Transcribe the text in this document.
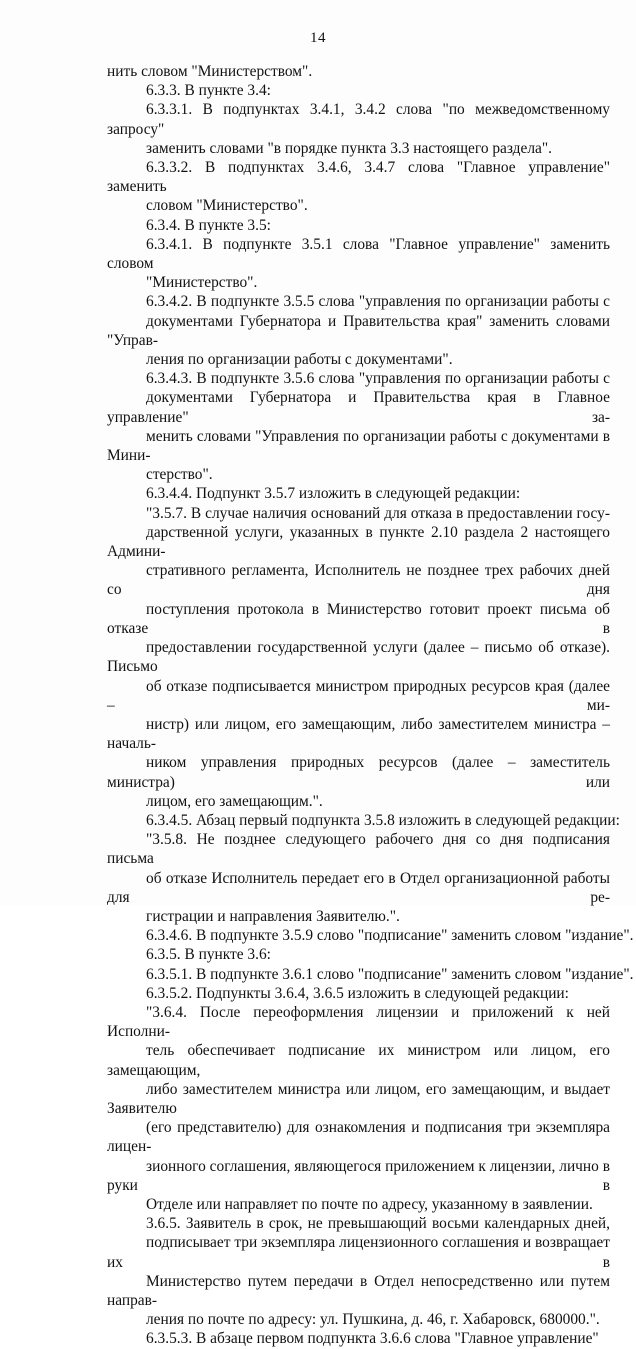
14
нить словом "Министерством".
6.3.3. В пункте 3.4:
6.3.3.1. В подпунктах 3.4.1, 3.4.2 слова "по межведомственному запросу"
заменить словами "в порядке пункта 3.3 настоящего раздела".
6.3.3.2. В подпунктах 3.4.6, 3.4.7 слова "Главное управление" заменить
словом "Министерство".
6.3.4. В пункте 3.5:
6.3.4.1. В подпункте 3.5.1 слова "Главное управление" заменить словом
"Министерство".
6.3.4.2. В подпункте 3.5.5 слова "управления по организации работы с
документами Губернатора и Правительства края" заменить словами "Управ-
ления по организации работы с документами".
6.3.4.3. В подпункте 3.5.6 слова "управления по организации работы с
документами Губернатора и Правительства края в Главное управление" за-
менить словами "Управления по организации работы с документами в Мини-
стерство".
6.3.4.4. Подпункт 3.5.7 изложить в следующей редакции:
"3.5.7. В случае наличия оснований для отказа в предоставлении госу-
дарственной услуги, указанных в пункте 2.10 раздела 2 настоящего Админи-
стративного регламента, Исполнитель не позднее трех рабочих дней со дня
поступления протокола в Министерство готовит проект письма об отказе в
предоставлении государственной услуги (далее – письмо об отказе). Письмо
об отказе подписывается министром природных ресурсов края (далее – ми-
нистр) или лицом, его замещающим, либо заместителем министра – началь-
ником управления природных ресурсов (далее – заместитель министра) или
лицом, его замещающим.".
6.3.4.5. Абзац первый подпункта 3.5.8 изложить в следующей редакции:
"3.5.8. Не позднее следующего рабочего дня со дня подписания письма
об отказе Исполнитель передает его в Отдел организационной работы для ре-
гистрации и направления Заявителю.".
6.3.4.6. В подпункте 3.5.9 слово "подписание" заменить словом "издание".
6.3.5. В пункте 3.6:
6.3.5.1. В подпункте 3.6.1 слово "подписание" заменить словом "издание".
6.3.5.2. Подпункты 3.6.4, 3.6.5 изложить в следующей редакции:
"3.6.4. После переоформления лицензии и приложений к ней Исполни-
тель обеспечивает подписание их министром или лицом, его замещающим,
либо заместителем министра или лицом, его замещающим, и выдает Заявителю
(его представителю) для ознакомления и подписания три экземпляра лицен-
зионного соглашения, являющегося приложением к лицензии, лично в руки в
Отделе или направляет по почте по адресу, указанному в заявлении.
3.6.5. Заявитель в срок, не превышающий восьми календарных дней,
подписывает три экземпляра лицензионного соглашения и возвращает их в
Министерство путем передачи в Отдел непосредственно или путем направ-
ления по почте по адресу: ул. Пушкина, д. 46, г. Хабаровск, 680000.".
6.3.5.3. В абзаце первом подпункта 3.6.6 слова "Главное управление"
